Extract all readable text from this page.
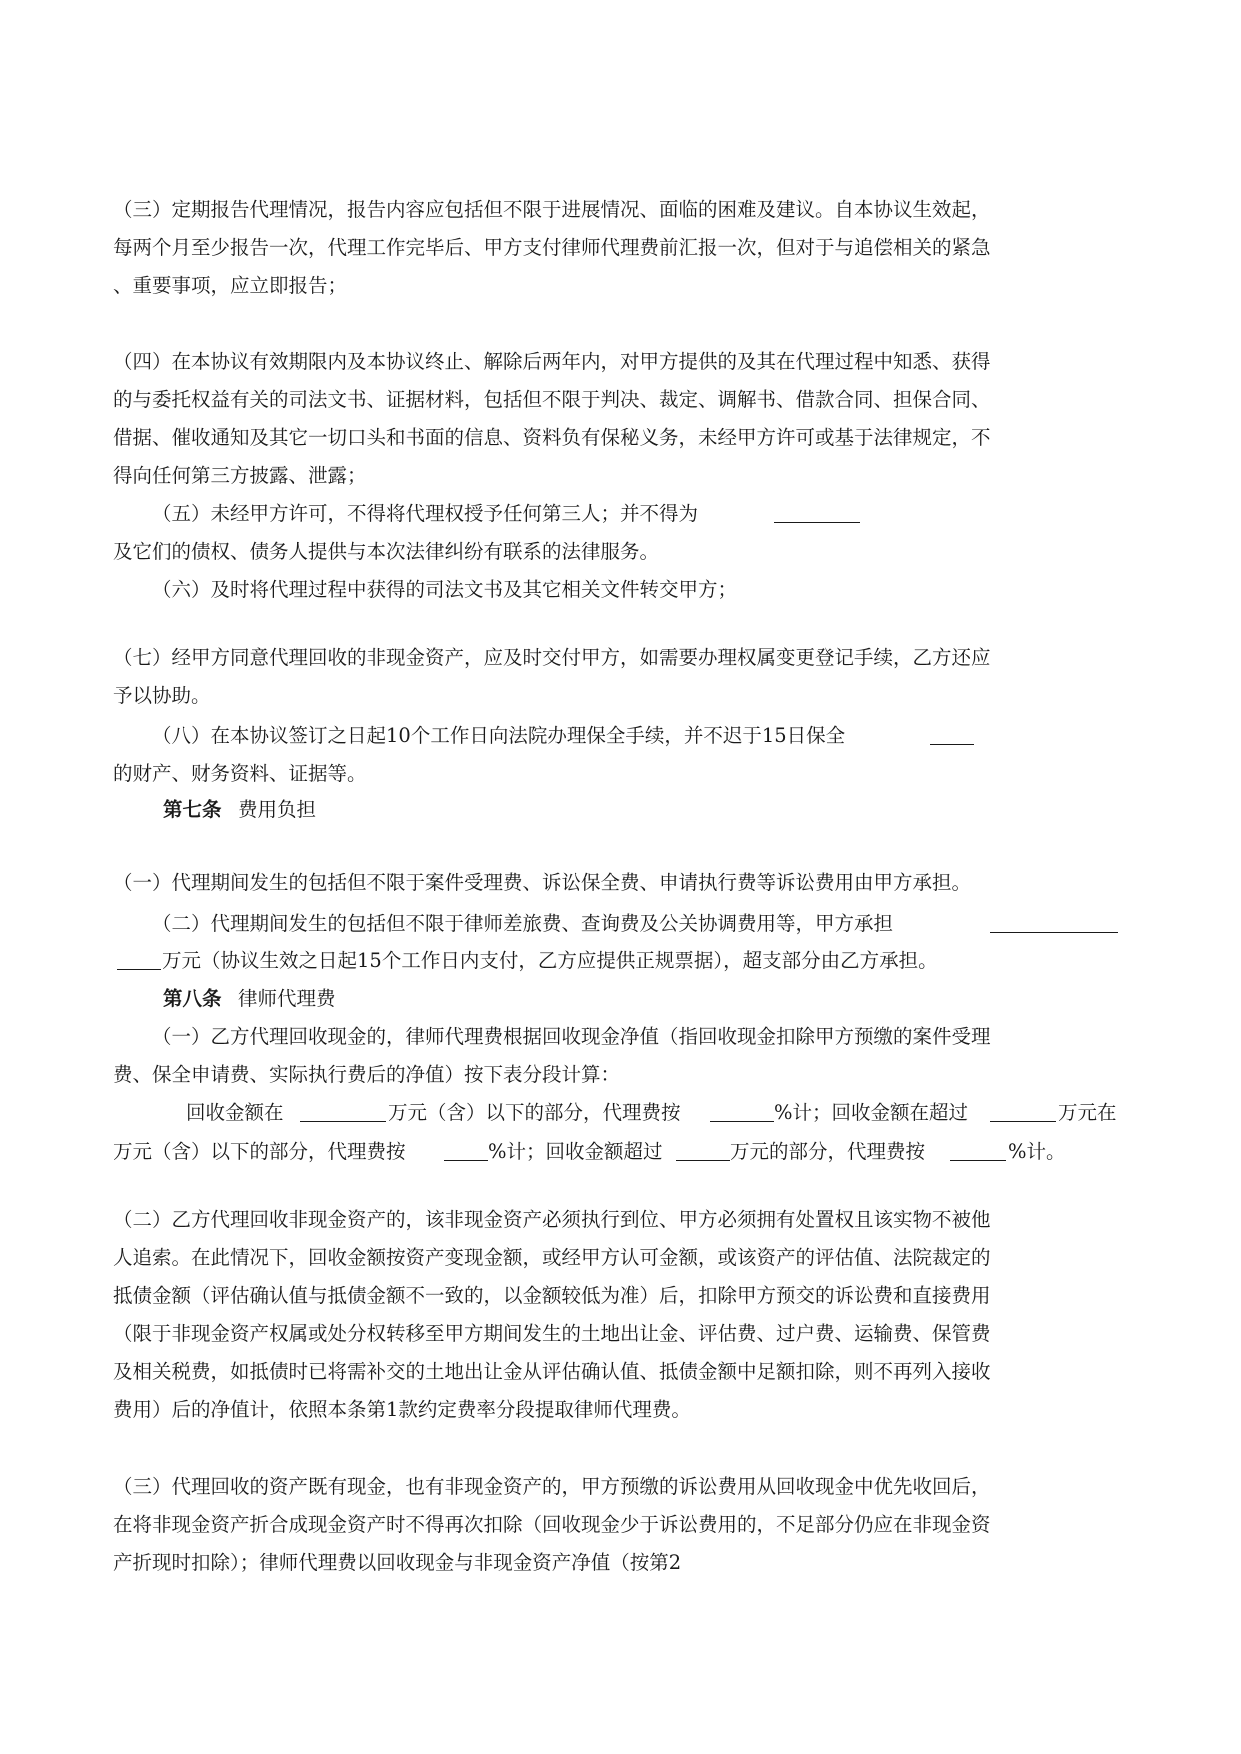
（三）定期报告代理情况，报告内容应包括但不限于进展情况、面临的困难及建议。自本协议生效起，
每两个月至少报告一次，代理工作完毕后、甲方支付律师代理费前汇报一次，但对于与追偿相关的紧急
、重要事项，应立即报告；
（四）在本协议有效期限内及本协议终止、解除后两年内，对甲方提供的及其在代理过程中知悉、获得
的与委托权益有关的司法文书、证据材料，包括但不限于判决、裁定、调解书、借款合同、担保合同、
借据、催收通知及其它一切口头和书面的信息、资料负有保秘义务，未经甲方许可或基于法律规定，不
得向任何第三方披露、泄露；
（五）未经甲方许可，不得将代理权授予任何第三人；并不得为
及它们的债权、债务人提供与本次法律纠纷有联系的法律服务。
（六）及时将代理过程中获得的司法文书及其它相关文件转交甲方；
（七）经甲方同意代理回收的非现金资产，应及时交付甲方，如需要办理权属变更登记手续，乙方还应
予以协助。
（八）在本协议签订之日起10个工作日向法院办理保全手续，并不迟于15日保全
的财产、财务资料、证据等。
第七条 费用负担
（一）代理期间发生的包括但不限于案件受理费、诉讼保全费、申请执行费等诉讼费用由甲方承担。
（二）代理期间发生的包括但不限于律师差旅费、查询费及公关协调费用等，甲方承担
万元（协议生效之日起15个工作日内支付，乙方应提供正规票据），超支部分由乙方承担。
第八条 律师代理费
（一）乙方代理回收现金的，律师代理费根据回收现金净值（指回收现金扣除甲方预缴的案件受理
费、保全申请费、实际执行费后的净值）按下表分段计算：
回收金额在	万元（含）以下的部分，代理费按	%计；回收金额在超过	万元在
万元（含）以下的部分，代理费按	%计；回收金额超过	万元的部分，代理费按	%计。
（二）乙方代理回收非现金资产的，该非现金资产必须执行到位、甲方必须拥有处置权且该实物不被他
人追索。在此情况下，回收金额按资产变现金额，或经甲方认可金额，或该资产的评估值、法院裁定的
抵债金额（评估确认值与抵债金额不一致的，以金额较低为准）后，扣除甲方预交的诉讼费和直接费用
（限于非现金资产权属或处分权转移至甲方期间发生的土地出让金、评估费、过户费、运输费、保管费
及相关税费，如抵债时已将需补交的土地出让金从评估确认值、抵债金额中足额扣除，则不再列入接收
费用）后的净值计，依照本条第1款约定费率分段提取律师代理费。
（三）代理回收的资产既有现金，也有非现金资产的，甲方预缴的诉讼费用从回收现金中优先收回后，
在将非现金资产折合成现金资产时不得再次扣除（回收现金少于诉讼费用的，不足部分仍应在非现金资
产折现时扣除）；律师代理费以回收现金与非现金资产净值（按第2
